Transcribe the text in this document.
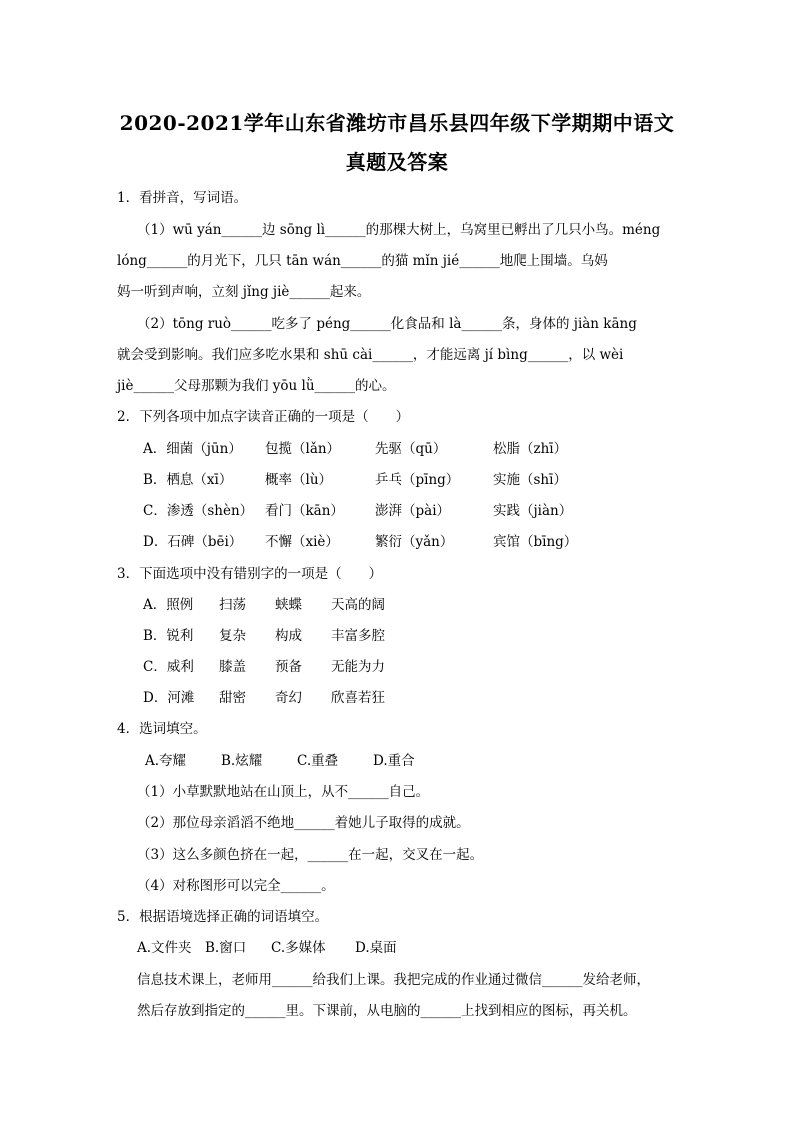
2020-2021学年山东省潍坊市昌乐县四年级下学期期中语文
真题及答案
1．看拼音，写词语。
（1）wū yán______边 sōng lì______的那棵大树上，乌窝里已孵出了几只小鸟。méng
lóng______的月光下，几只 tān wán______的猫 mǐn jié______地爬上围墙。乌妈
妈一听到声响，立刻 jǐng jiè______起来。
（2）tōng ruò______吃多了 péng______化食品和 là______条，身体的 jiàn kāng
就会受到影响。我们应多吃水果和 shū cài______，才能远离 jí bìng______，以 wèi
jiè______父母那颗为我们 yōu lǜ______的心。
2．下列各项中加点字读音正确的一项是（　　）
A．细菌（jūn） 包揽（lǎn）	先驱（qū）	松脂（zhī）
B．栖息（xī） 概率（lù）	乒乓（pīng） 实施（shī）
C．渗透（shèn） 看门（kān） 澎湃（pài）	实践（jiàn）
D．石碑（bēi） 不懈（xiè）	繁衍（yǎn）	宾馆（bīng）
3．下面选项中没有错别字的一项是（　　）
A．照例 扫荡 蛱蝶 天高的阔
B．锐利 复杂 构成 丰富多腔
C．威利 膝盖 预备 无能为力
D．河滩 甜密 奇幻 欣喜若狂
4．选词填空。
A.夸耀	B.炫耀	C.重叠	D.重合
（1）小草默默地站在山顶上，从不______自己。
（2）那位母亲滔滔不绝地______着她儿子取得的成就。
（3）这么多颜色挤在一起，______在一起，交叉在一起。
（4）对称图形可以完全______。
5．根据语境选择正确的词语填空。
A.文件夹 B.窗口 C.多媒体 D.桌面
信息技术课上，老师用______给我们上课。我把完成的作业通过微信______发给老师，
然后存放到指定的______里。下课前，从电脑的______上找到相应的图标，再关机。
